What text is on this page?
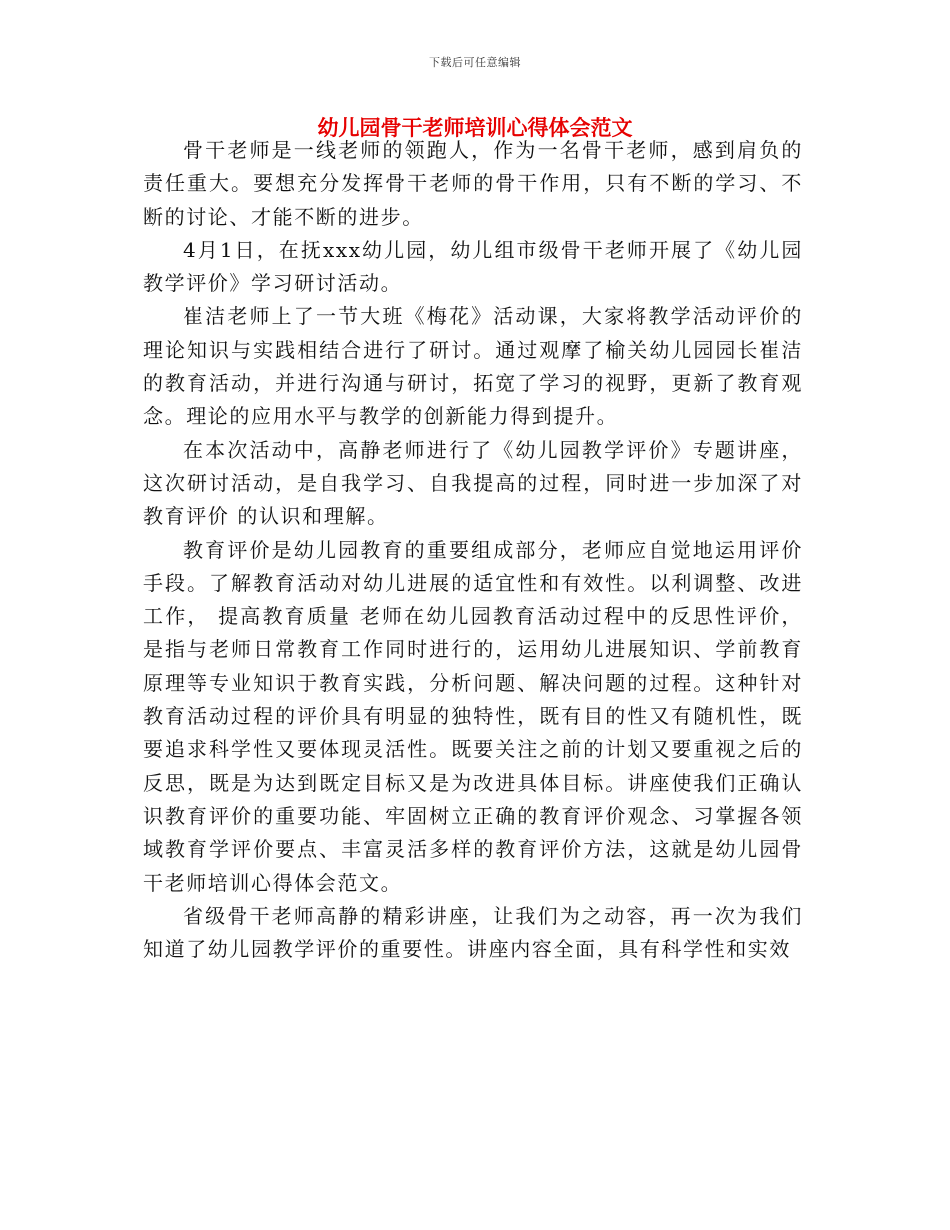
下载后可任意编辑
幼儿园骨干老师培训心得体会范文

骨干老师是一线老师的领跑人，作为一名骨干老师，感到肩负的责任重大。要想充分发挥骨干老师的骨干作用，只有不断的学习、不断的讨论、才能不断的进步。

4月1日，在抚xxx幼儿园，幼儿组市级骨干老师开展了《幼儿园教学评价》学习研讨活动。

崔洁老师上了一节大班《梅花》活动课，大家将教学活动评价的理论知识与实践相结合进行了研讨。通过观摩了榆关幼儿园园长崔洁的教育活动，并进行沟通与研讨，拓宽了学习的视野，更新了教育观念。理论的应用水平与教学的创新能力得到提升。

在本次活动中，高静老师进行了《幼儿园教学评价》专题讲座，这次研讨活动，是自我学习、自我提高的过程，同时进一步加深了对教育评价 的认识和理解。

教育评价是幼儿园教育的重要组成部分，老师应自觉地运用评价手段。了解教育活动对幼儿进展的适宜性和有效性。以利调整、改进工作， 提高教育质量 老师在幼儿园教育活动过程中的反思性评价，是指与老师日常教育工作同时进行的，运用幼儿进展知识、学前教育原理等专业知识于教育实践，分析问题、解决问题的过程。这种针对教育活动过程的评价具有明显的独特性，既有目的性又有随机性，既要追求科学性又要体现灵活性。既要关注之前的计划又要重视之后的反思，既是为达到既定目标又是为改进具体目标。讲座使我们正确认识教育评价的重要功能、牢固树立正确的教育评价观念、习掌握各领域教育学评价要点、丰富灵活多样的教育评价方法，这就是幼儿园骨干老师培训心得体会范文。

省级骨干老师高静的精彩讲座，让我们为之动容，再一次为我们知道了幼儿园教学评价的重要性。讲座内容全面，具有科学性和实效
